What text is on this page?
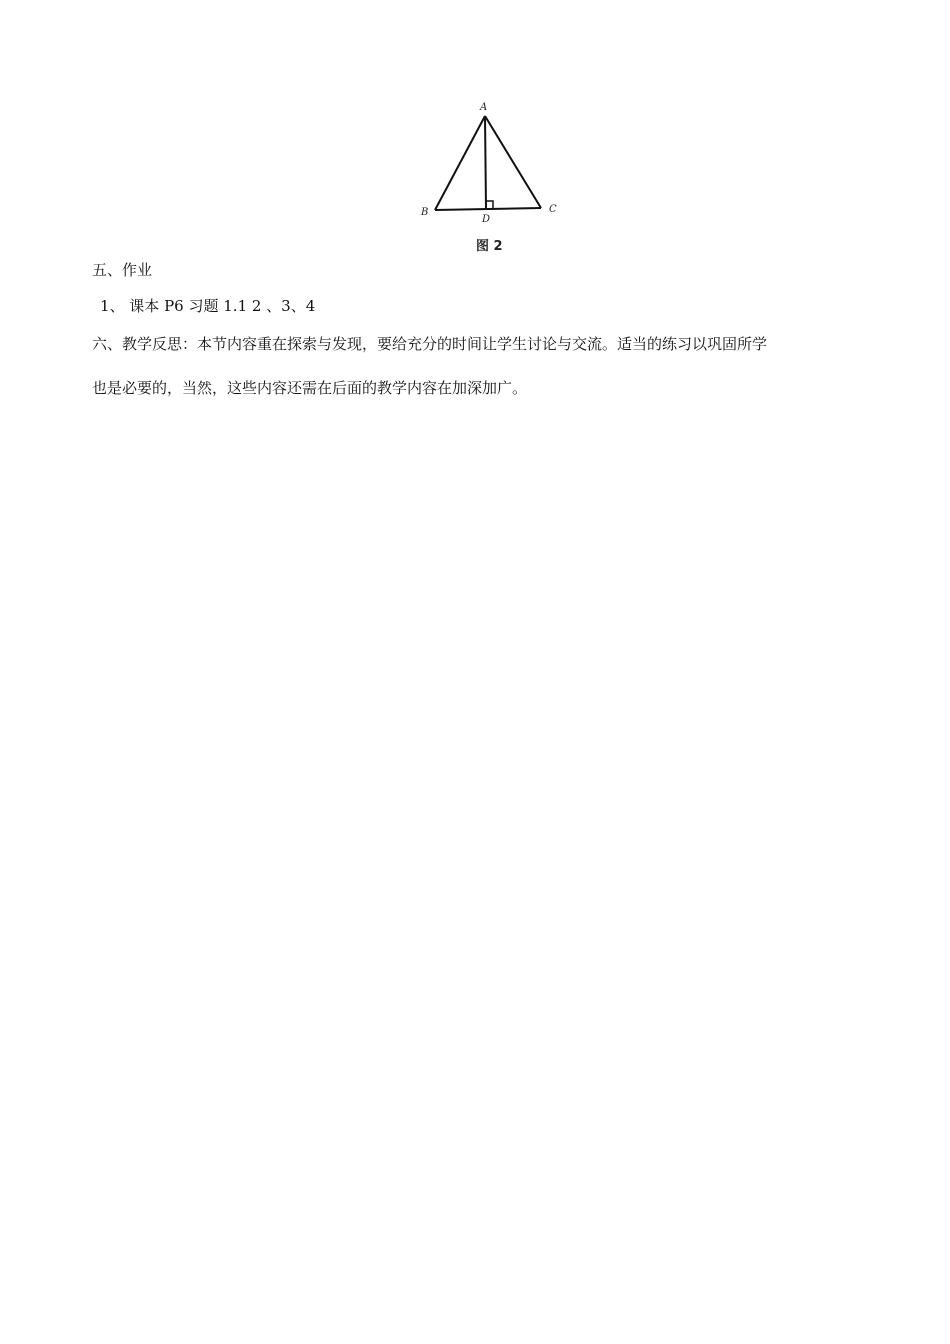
A
B	C
D
图 2
五、作业
1、 课本 P6 习题 1.1 2 、3、4
六、教学反思：本节内容重在探索与发现，要给充分的时间让学生讨论与交流。适当的练习以巩固所学
也是必要的，当然，这些内容还需在后面的教学内容在加深加广。
